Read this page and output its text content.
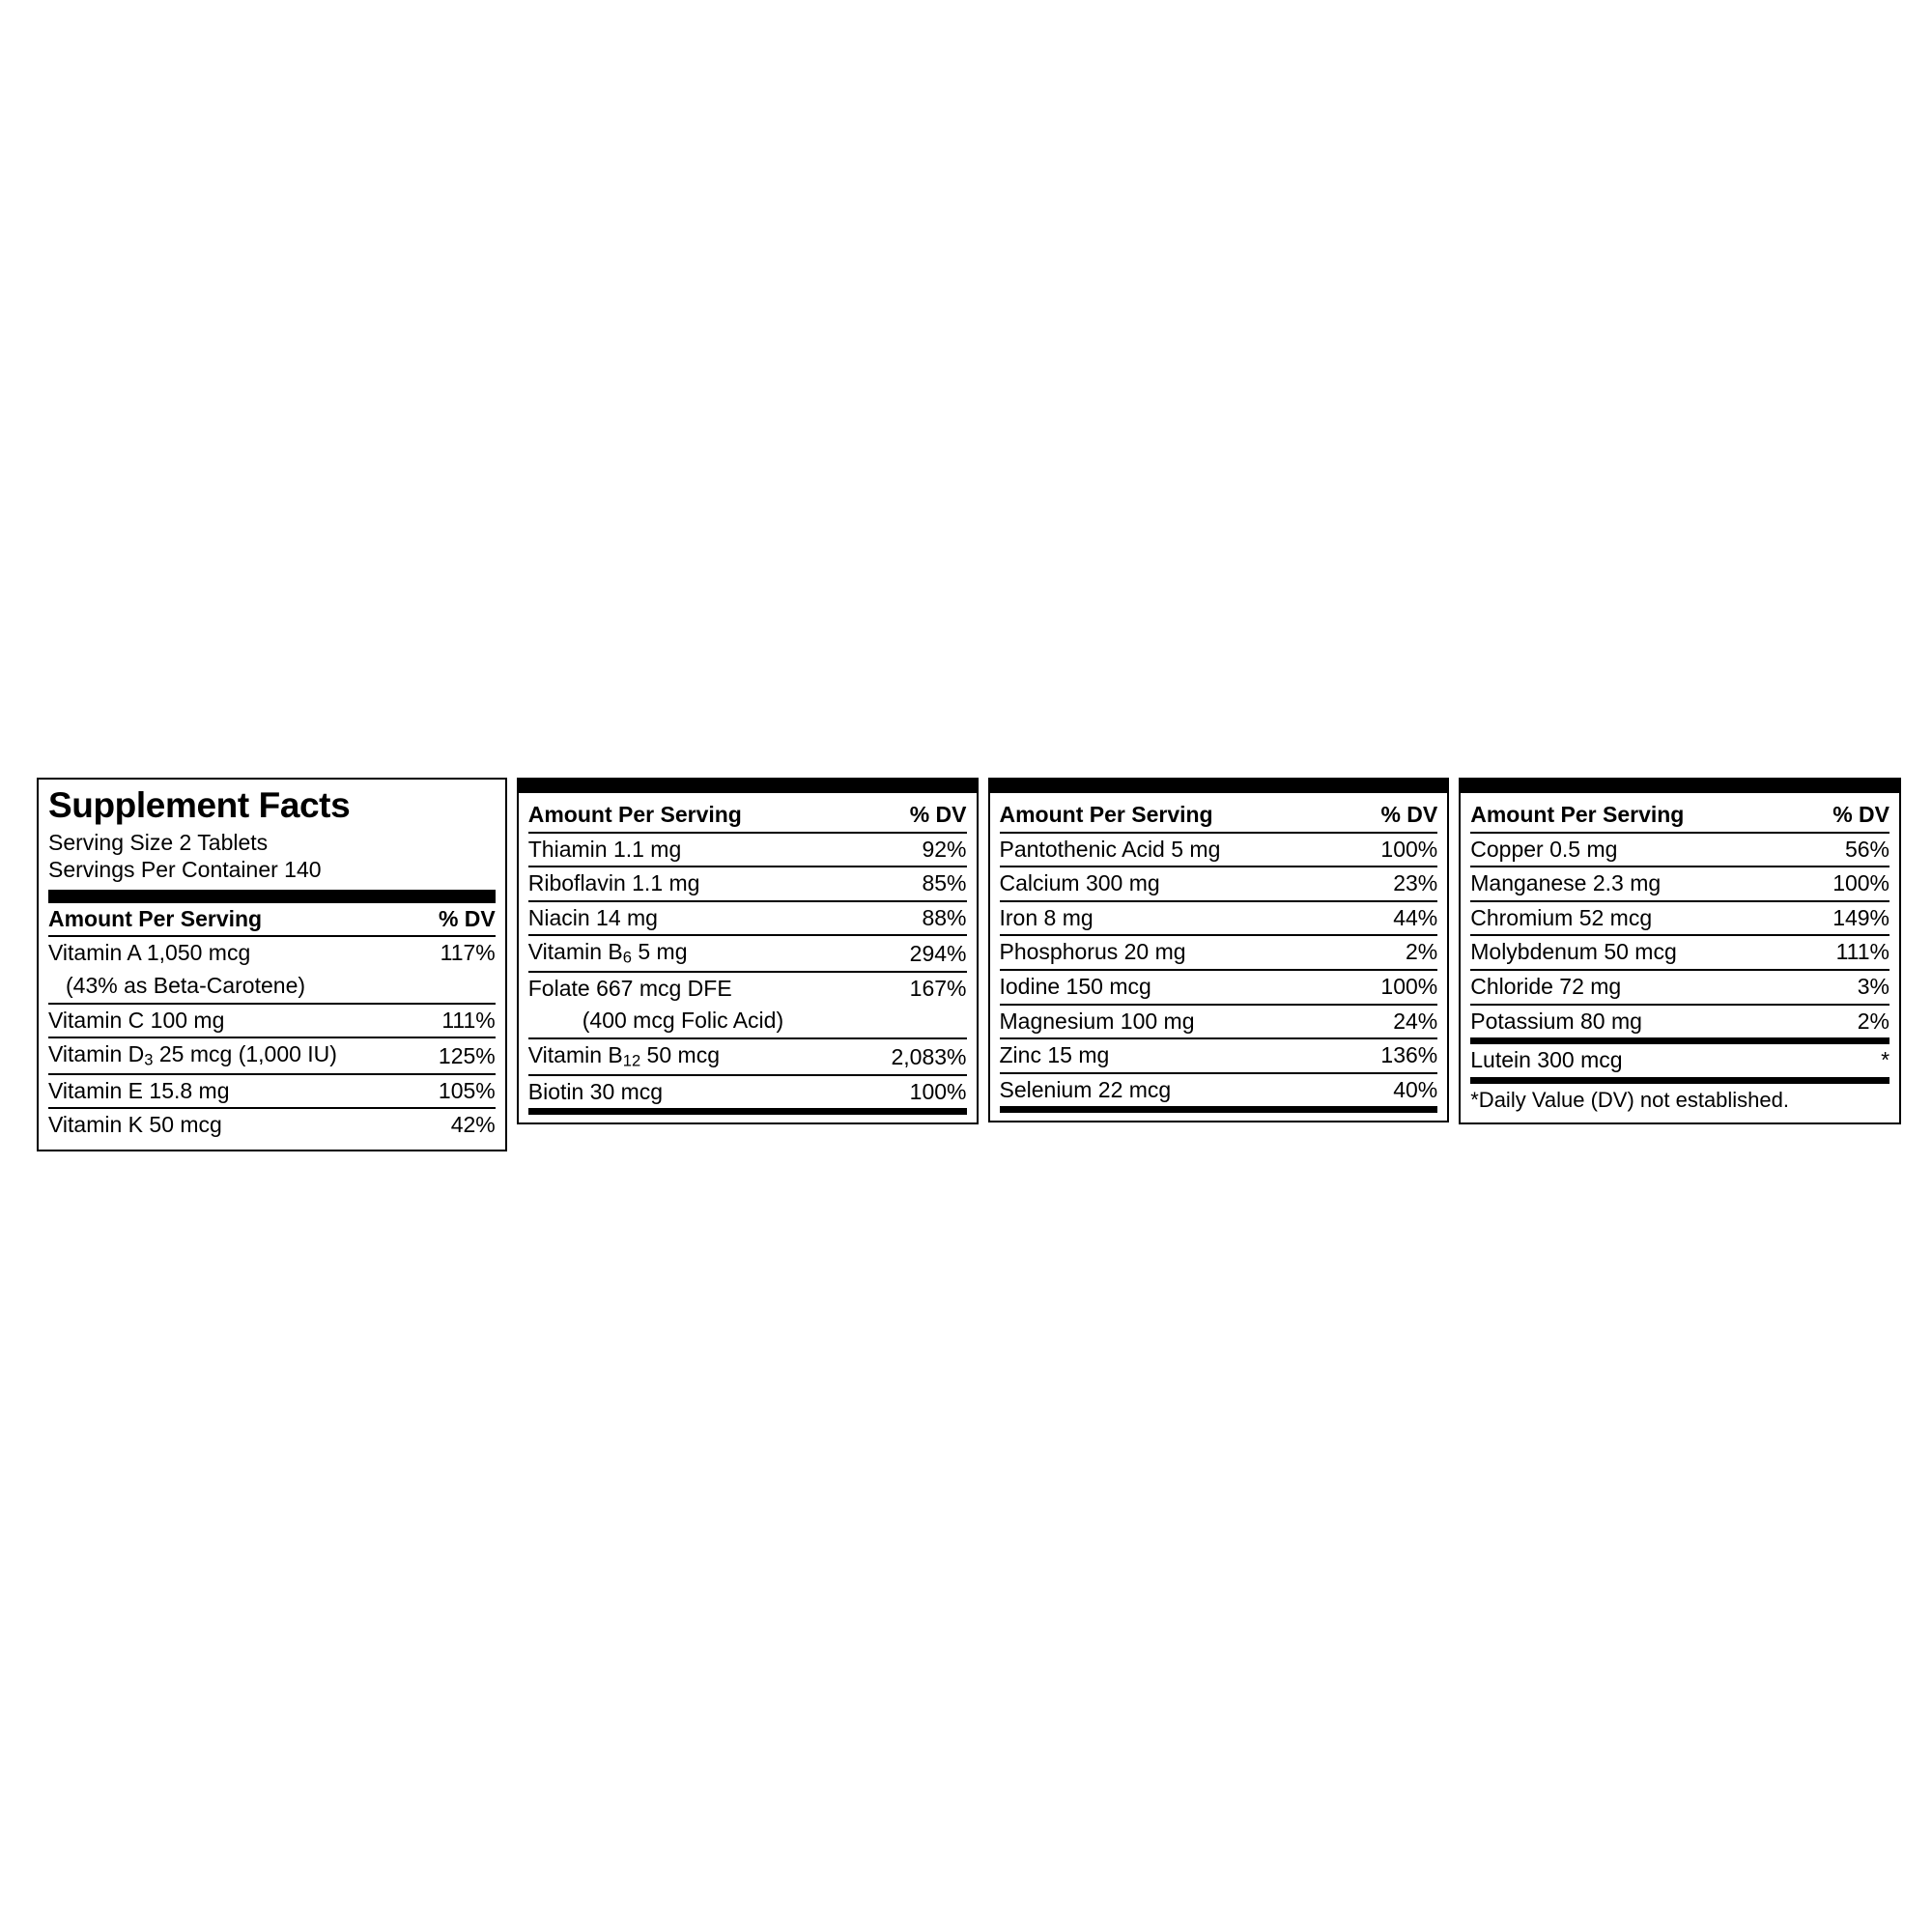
Supplement Facts
Serving Size 2 Tablets
Servings Per Container 140
Amount Per Serving	% DV
Vitamin A 1,050 mcg	117%
(43% as Beta-Carotene)	
Vitamin C 100 mg	111%
Vitamin $D_3$ 25 mcg (1,000 IU)	125%
Vitamin E 15.8 mg	105%
Vitamin K 50 mcg	42%
Amount Per Serving	% DV
Thiamin 1.1 mg	92%
Riboflavin 1.1 mg	85%
Niacin 14 mg	88%
Vitamin $B_6$ 5 mg	294%
Folate 667 mcg DFE	167%
(400 mcg Folic Acid)	
Vitamin $B_{12}$ 50 mcg	2,083%
Biotin 30 mcg	100%
Amount Per Serving	% DV
Pantothenic Acid 5 mg	100%
Calcium 300 mg	23%
Iron 8 mg	44%
Phosphorus 20 mg	2%
Iodine 150 mcg	100%
Magnesium 100 mg	24%
Zinc 15 mg	136%
Selenium 22 mcg	40%
Amount Per Serving	% DV
Copper 0.5 mg	56%
Manganese 2.3 mg	100%
Chromium 52 mcg	149%
Molybdenum 50 mcg	111%
Chloride 72 mg	3%
Potassium 80 mg	2%
Lutein 300 mcg	*
*Daily Value (DV) not established.
